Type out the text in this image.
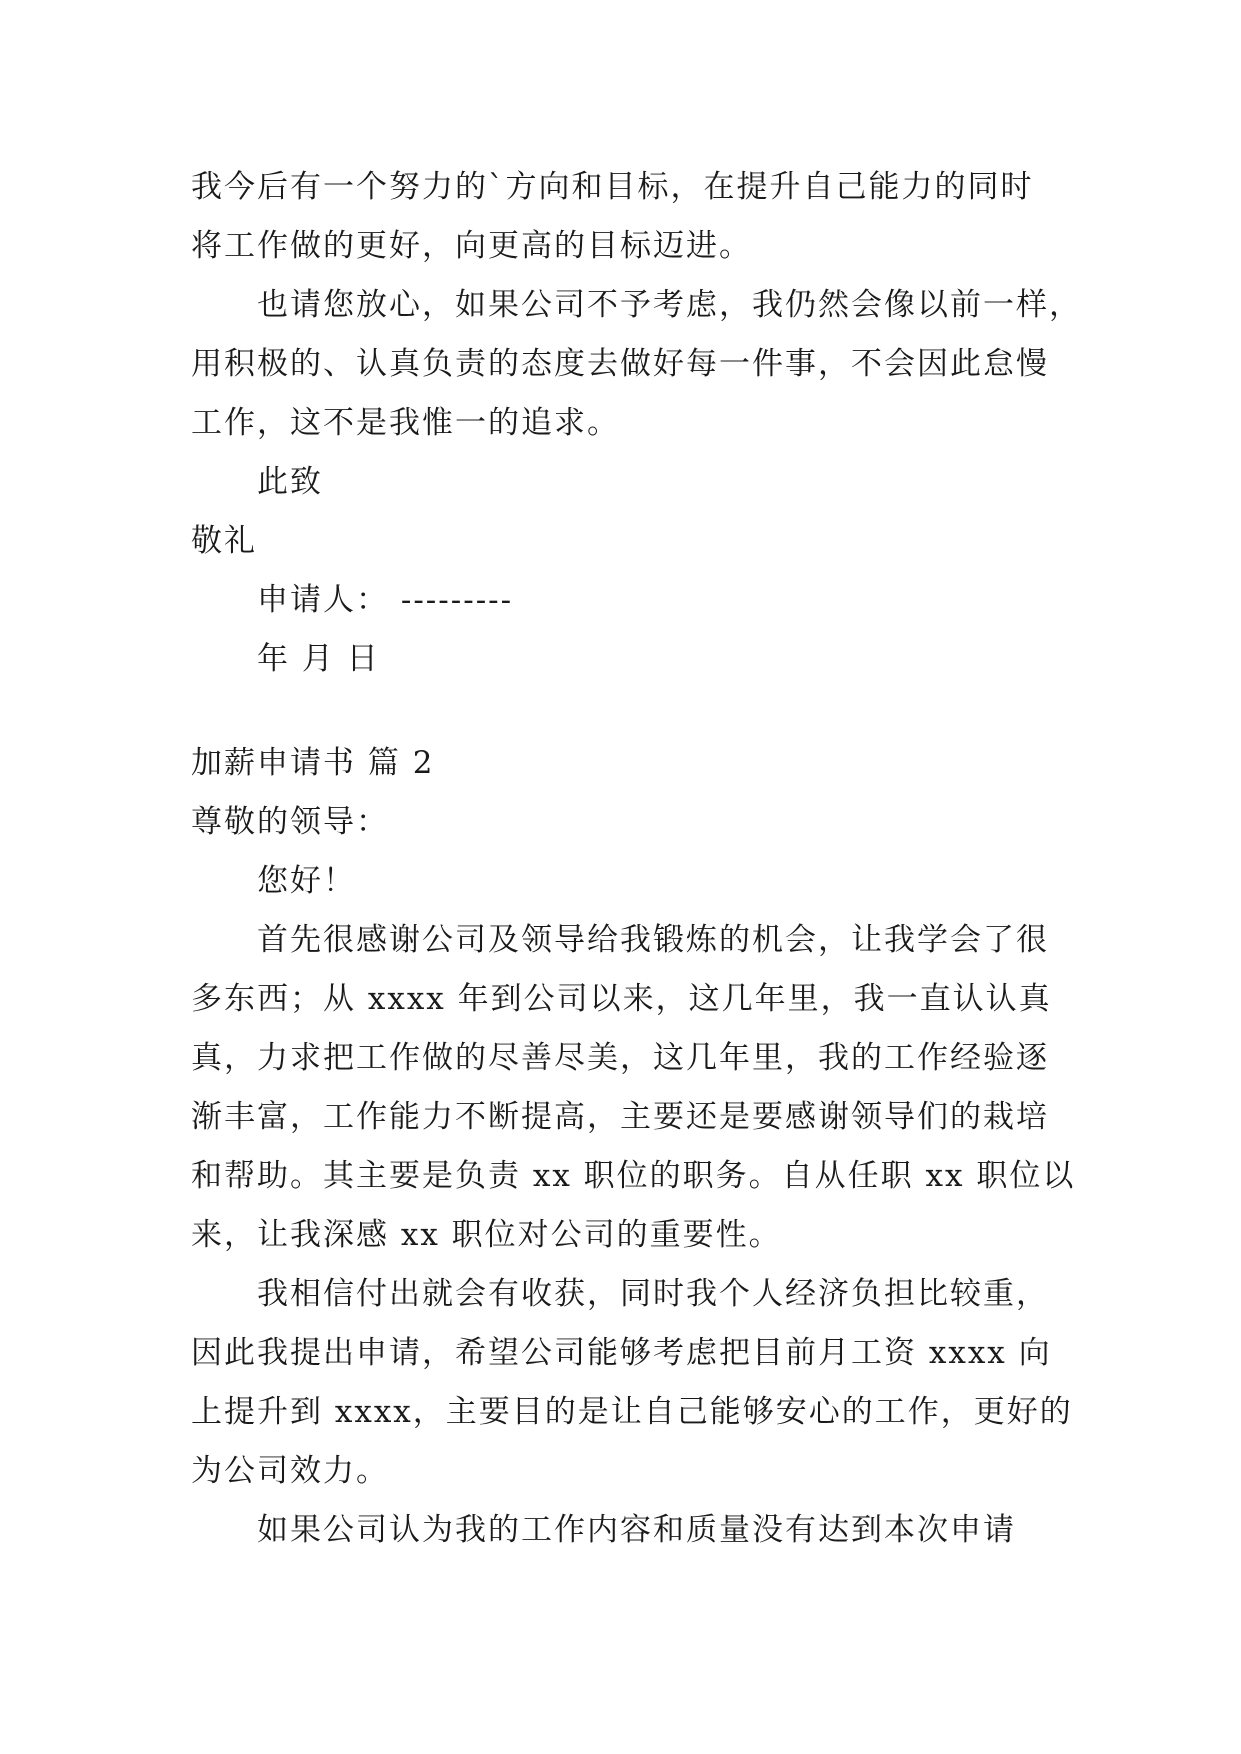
我今后有一个努力的`方向和目标，在提升自己能力的同时
将工作做的更好，向更高的目标迈进。
也请您放心，如果公司不予考虑，我仍然会像以前一样，
用积极的、认真负责的态度去做好每一件事，不会因此怠慢
工作，这不是我惟一的追求。
此致
敬礼
申请人： ---------
年 月 日
加薪申请书 篇 2
尊敬的领导：
您好！
首先很感谢公司及领导给我锻炼的机会，让我学会了很
多东西；从 xxxx 年到公司以来，这几年里，我一直认认真
真，力求把工作做的尽善尽美，这几年里，我的工作经验逐
渐丰富，工作能力不断提高，主要还是要感谢领导们的栽培
和帮助。其主要是负责 xx 职位的职务。自从任职 xx 职位以
来，让我深感 xx 职位对公司的重要性。
我相信付出就会有收获，同时我个人经济负担比较重，
因此我提出申请，希望公司能够考虑把目前月工资 xxxx 向
上提升到 xxxx，主要目的是让自己能够安心的工作，更好的
为公司效力。
如果公司认为我的工作内容和质量没有达到本次申请
